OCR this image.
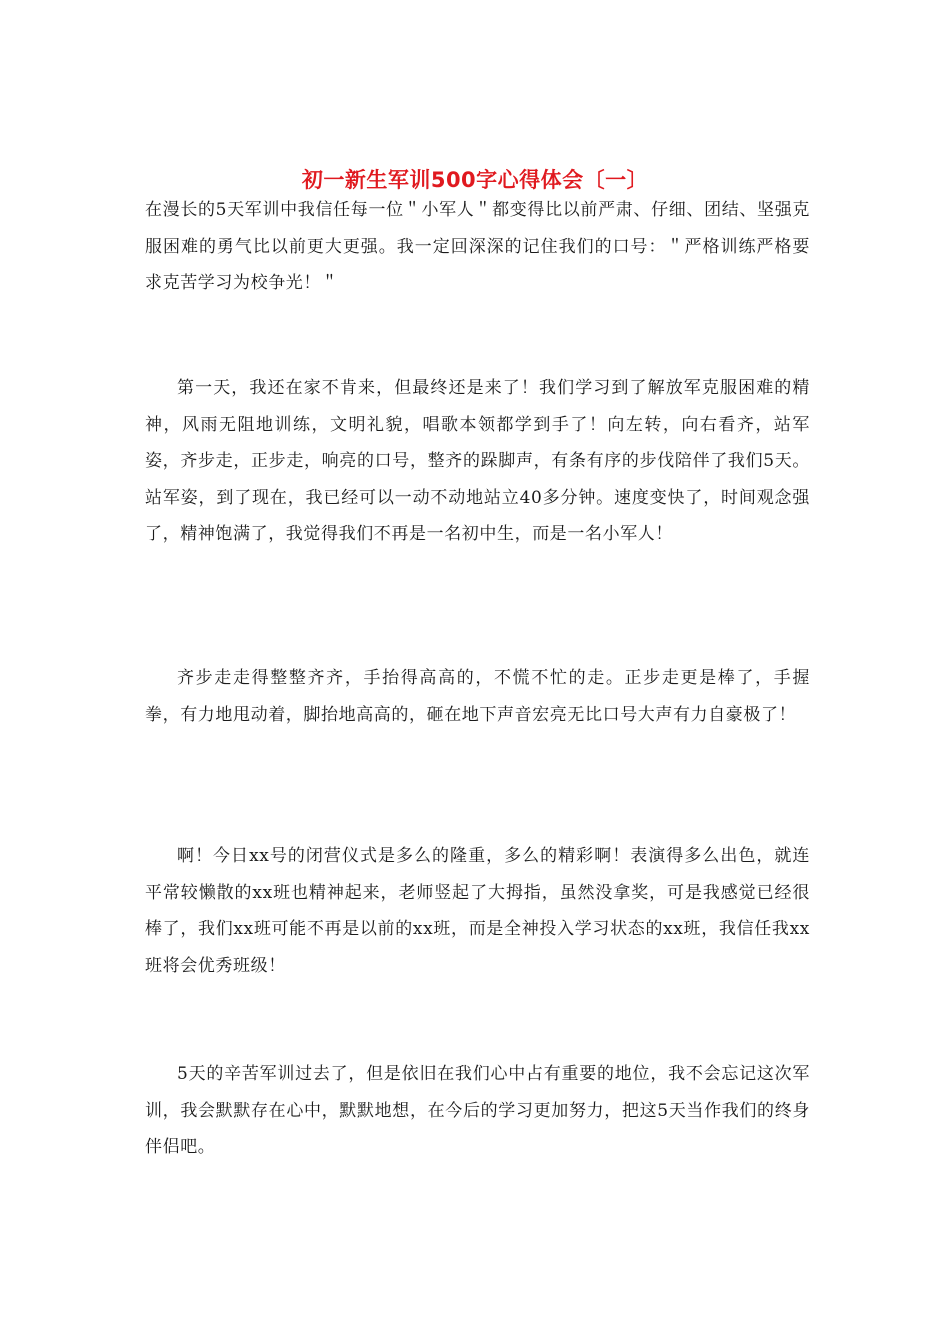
初一新生军训500字心得体会〔一〕

在漫长的5天军训中我信任每一位＂小军人＂都变得比以前严肃、仔细、团结、坚强克服困难的勇气比以前更大更强。我一定回深深的记住我们的口号：＂严格训练严格要求克苦学习为校争光！＂

第一天，我还在家不肯来，但最终还是来了！我们学习到了解放军克服困难的精神，风雨无阻地训练，文明礼貌，唱歌本领都学到手了！向左转，向右看齐，站军姿，齐步走，正步走，响亮的口号，整齐的跺脚声，有条有序的步伐陪伴了我们5天。站军姿，到了现在，我已经可以一动不动地站立40多分钟。速度变快了，时间观念强了，精神饱满了，我觉得我们不再是一名初中生，而是一名小军人！

齐步走走得整整齐齐，手抬得高高的，不慌不忙的走。正步走更是棒了，手握拳，有力地甩动着，脚抬地高高的，砸在地下声音宏亮无比口号大声有力自豪极了！

啊！今日xx号的闭营仪式是多么的隆重，多么的精彩啊！表演得多么出色，就连平常较懒散的xx班也精神起来，老师竖起了大拇指，虽然没拿奖，可是我感觉已经很棒了，我们xx班可能不再是以前的xx班，而是全神投入学习状态的xx班，我信任我xx班将会优秀班级！

5天的辛苦军训过去了，但是依旧在我们心中占有重要的地位，我不会忘记这次军训，我会默默存在心中，默默地想，在今后的学习更加努力，把这5天当作我们的终身伴侣吧。
